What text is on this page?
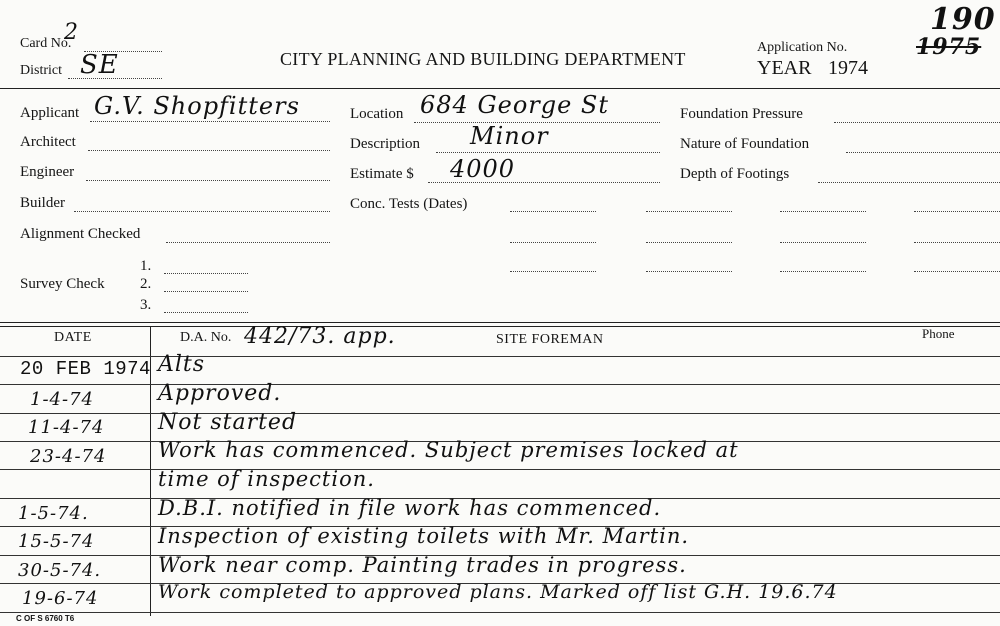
Card No.
2
District SE	CITY PLANNING AND BUILDING DEPARTMENT
Application No.
YEAR 1974
190
1975
Applicant G.V. Shopfitters
Architect
Engineer
Builder
Alignment Checked
Survey Check
1.
2.
3.
Location 684 George St
Description Minor
Estimate $ 4000
Conc. Tests (Dates)
Foundation Pressure
Nature of Foundation
Depth of Footings
DATE	D.A. No. 442/73. app.	SITE FOREMAN	Phone
20 FEB 1974 Alts
1-4-74	Approved.
11-4-74	Not started
23-4-74	Work has commenced. Subject premises locked at
time of inspection.
1-5-74.	D.B.I. notified in file work has commenced.
15-5-74	Inspection of existing toilets with Mr. Martin.
30-5-74.	Work near comp. Painting trades in progress.
19-6-74	Work completed to approved plans. Marked off list G.H. 19.6.74
C OF S 6760 T6
